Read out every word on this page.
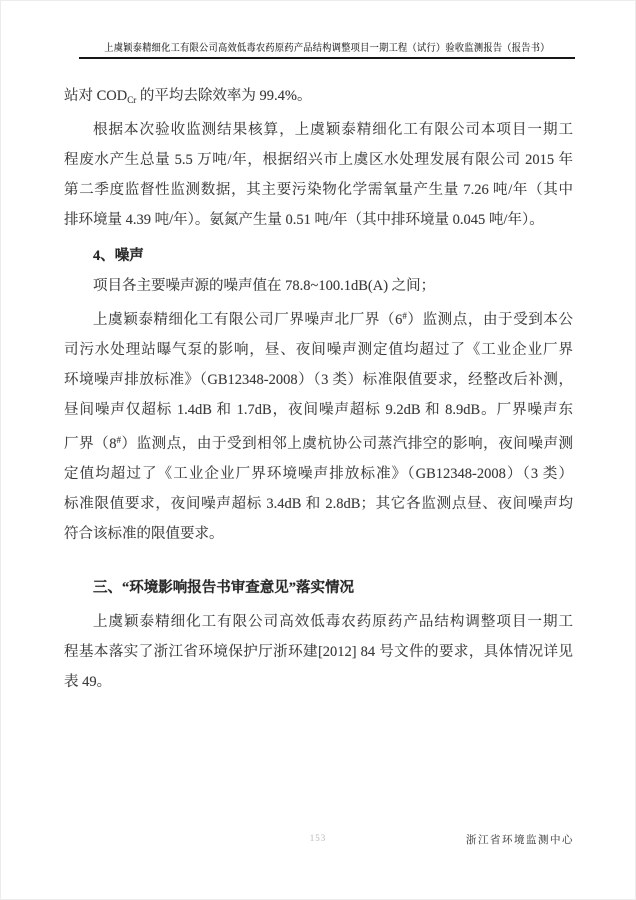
上虞颖泰精细化工有限公司高效低毒农药原药产品结构调整项目一期工程（试行）验收监测报告（报告书）
站对 $COD_{Cr}$ 的平均去除效率为 99.4%。
根据本次验收监测结果核算，上虞颖泰精细化工有限公司本项目一期工
程废水产生总量 5.5 万吨/年，根据绍兴市上虞区水处理发展有限公司 2015 年
第二季度监督性监测数据，其主要污染物化学需氧量产生量 7.26 吨/年（其中
排环境量 4.39 吨/年）。氨氮产生量 0.51 吨/年（其中排环境量 0.045 吨/年）。
4、噪声
项目各主要噪声源的噪声值在 78.8~100.1dB(A) 之间；
上虞颖泰精细化工有限公司厂界噪声北厂界（6#）监测点，由于受到本公
司污水处理站曝气泵的影响，昼、夜间噪声测定值均超过了《工业企业厂界
环境噪声排放标准》（GB12348-2008）（3 类）标准限值要求，经整改后补测，
昼间噪声仅超标 1.4dB 和 1.7dB，夜间噪声超标 9.2dB 和 8.9dB。厂界噪声东
厂界（8#）监测点，由于受到相邻上虞杭协公司蒸汽排空的影响，夜间噪声测
定值均超过了《工业企业厂界环境噪声排放标准》（GB12348-2008）（3 类）
标准限值要求，夜间噪声超标 3.4dB 和 2.8dB；其它各监测点昼、夜间噪声均
符合该标准的限值要求。
三、“环境影响报告书审查意见”落实情况
上虞颖泰精细化工有限公司高效低毒农药原药产品结构调整项目一期工
程基本落实了浙江省环境保护厅浙环建[2012] 84 号文件的要求，具体情况详见
表 49。
153	浙江省环境监测中心
